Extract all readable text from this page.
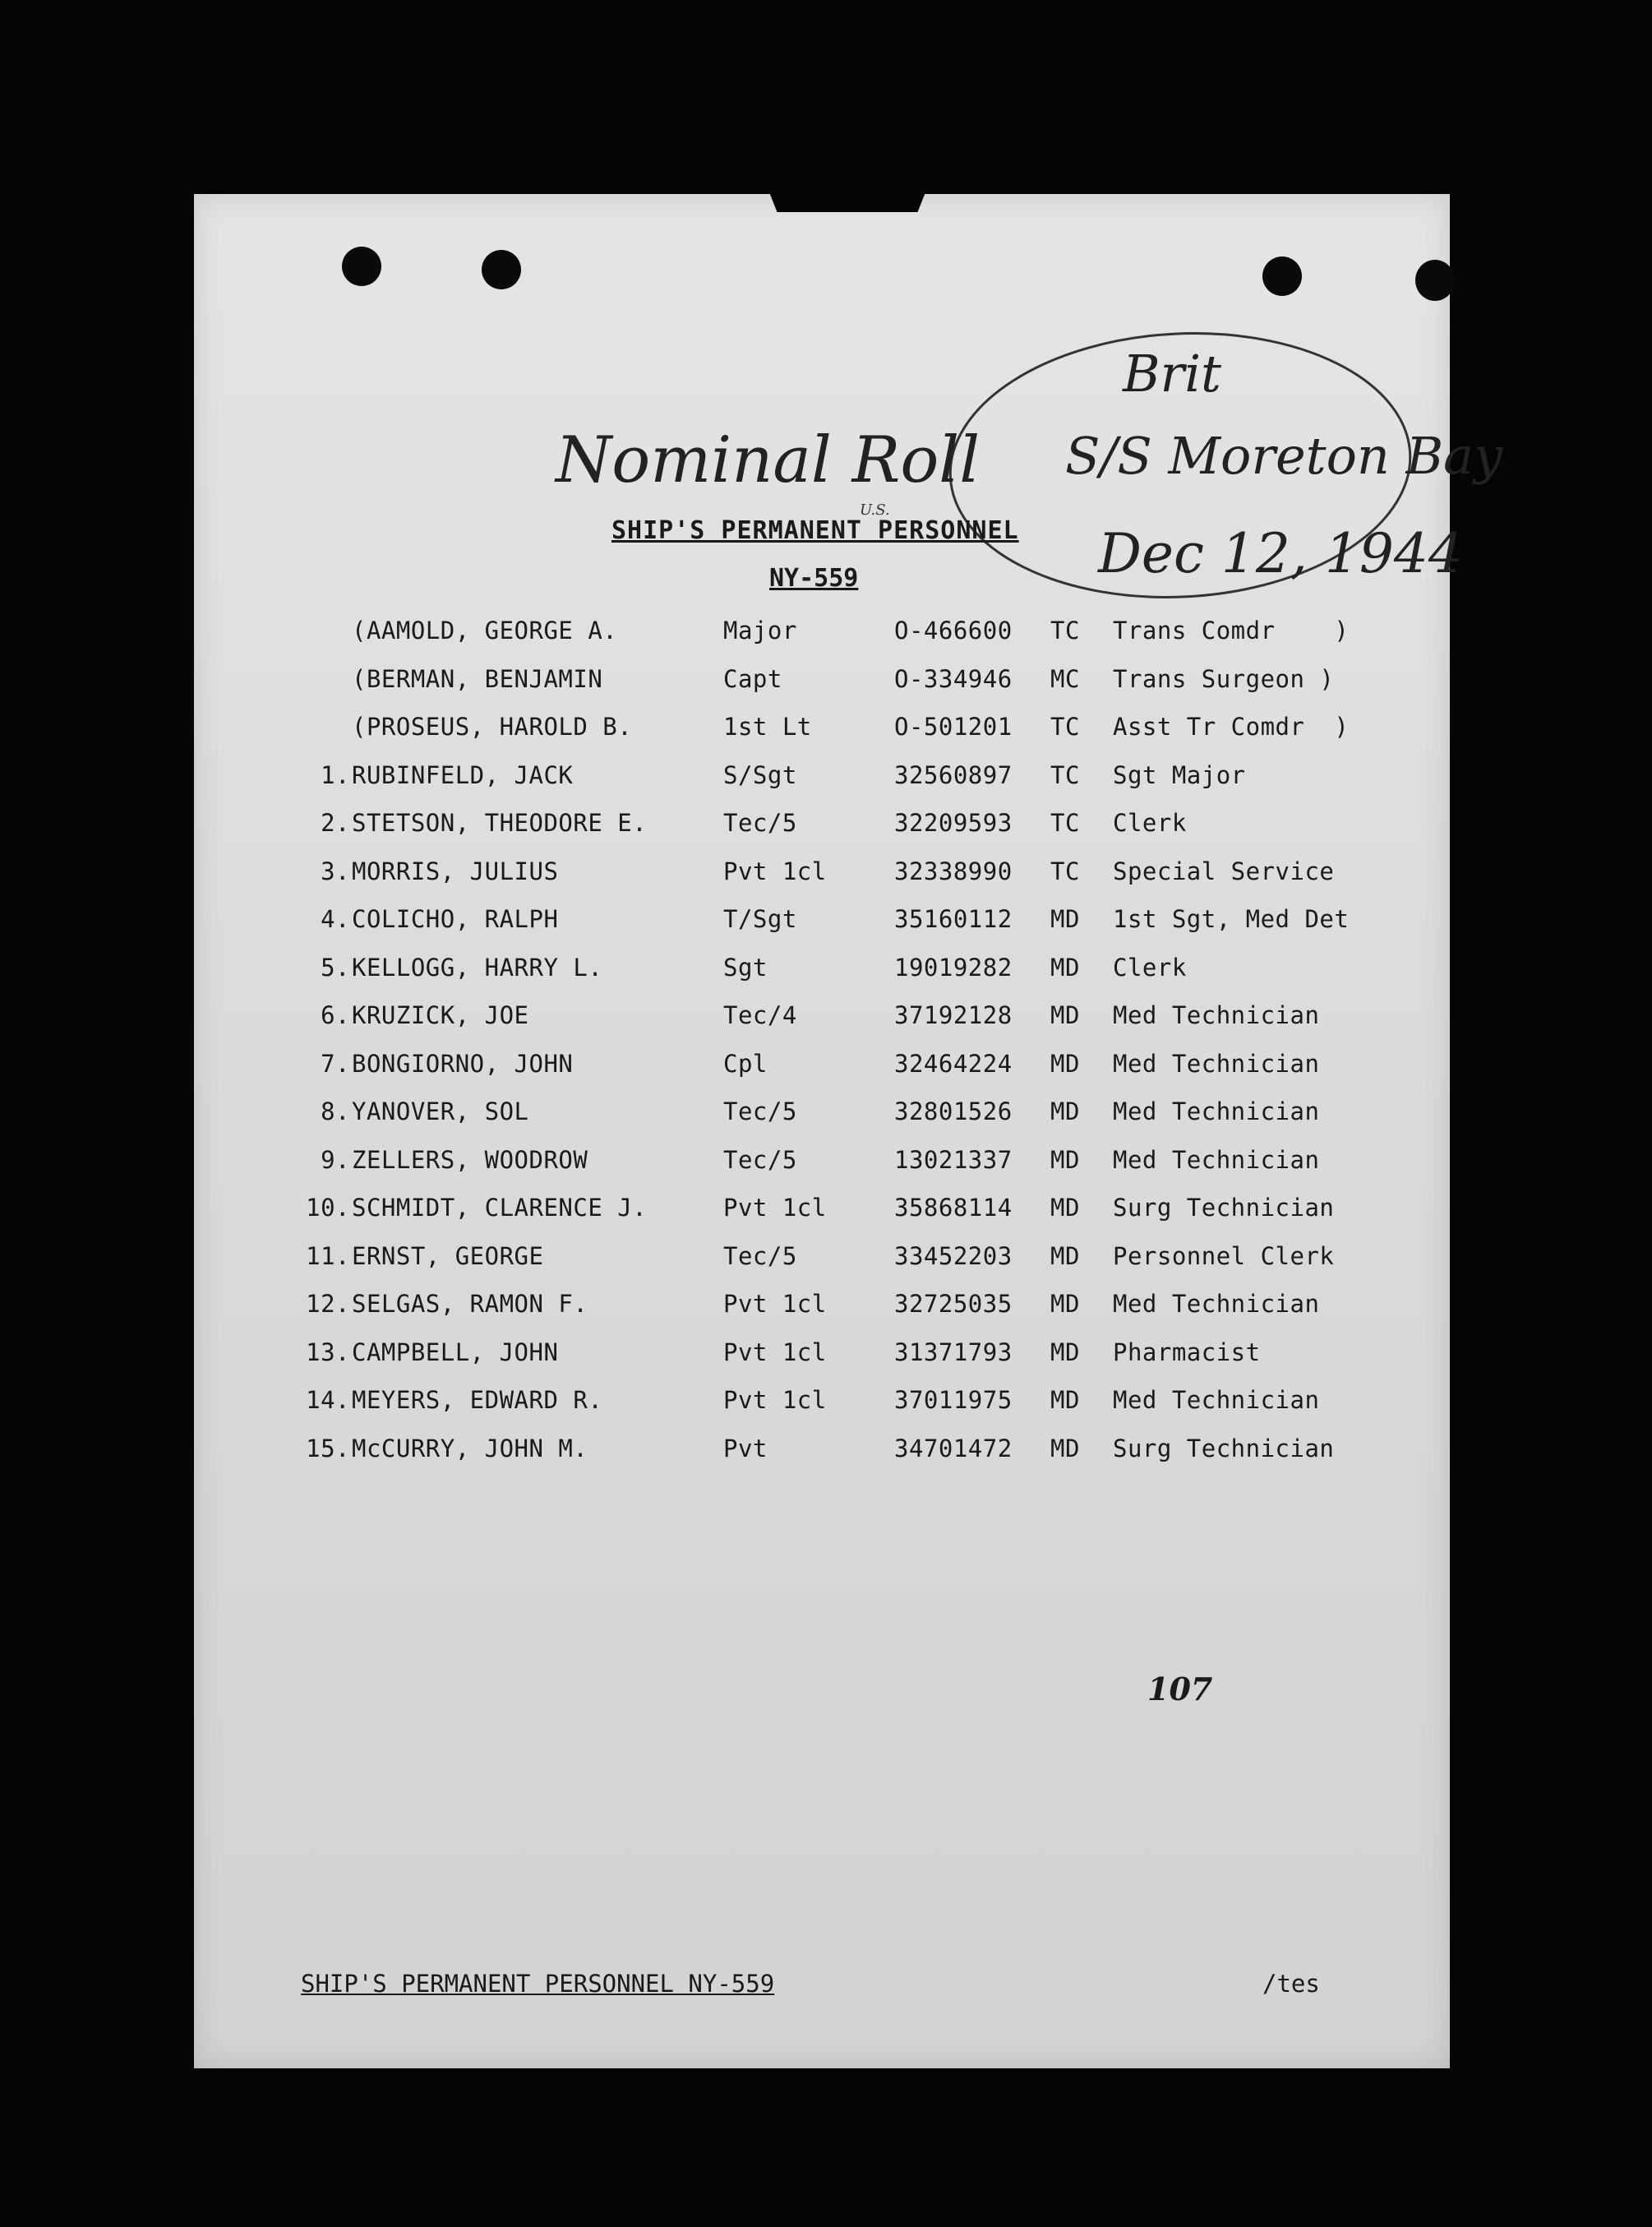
Nominal Roll
Brit
S/S Moreton Bay
Dec 12, 1944
U.S.
SHIP'S PERMANENT PERSONNEL
NY-559
(AAMOLD, GEORGE A.	Major	O-466600 TC Trans Comdr    )
(BERMAN, BENJAMIN	Capt	O-334946 MC Trans Surgeon )
(PROSEUS, HAROLD B.	1st Lt	O-501201 TC Asst Tr Comdr  )
1. RUBINFELD, JACK	S/Sgt	32560897 TC Sgt Major
2. STETSON, THEODORE E.	Tec/5	32209593 TC Clerk
3. MORRIS, JULIUS	Pvt 1cl	32338990 TC Special Service
4. COLICHO, RALPH	T/Sgt	35160112 MD 1st Sgt, Med Det
5. KELLOGG, HARRY L.	Sgt	19019282 MD Clerk
6. KRUZICK, JOE	Tec/4	37192128 MD Med Technician
7. BONGIORNO, JOHN	Cpl	32464224 MD Med Technician
8. YANOVER, SOL	Tec/5	32801526 MD Med Technician
9. ZELLERS, WOODROW	Tec/5	13021337 MD Med Technician
10. SCHMIDT, CLARENCE J.	Pvt 1cl	35868114 MD Surg Technician
11. ERNST, GEORGE	Tec/5	33452203 MD Personnel Clerk
12. SELGAS, RAMON F.	Pvt 1cl	32725035 MD Med Technician
13. CAMPBELL, JOHN	Pvt 1cl	31371793 MD Pharmacist
14. MEYERS, EDWARD R.	Pvt 1cl	37011975 MD Med Technician
15. McCURRY, JOHN M.	Pvt	34701472 MD Surg Technician
107
SHIP'S PERMANENT PERSONNEL NY-559	/tes
